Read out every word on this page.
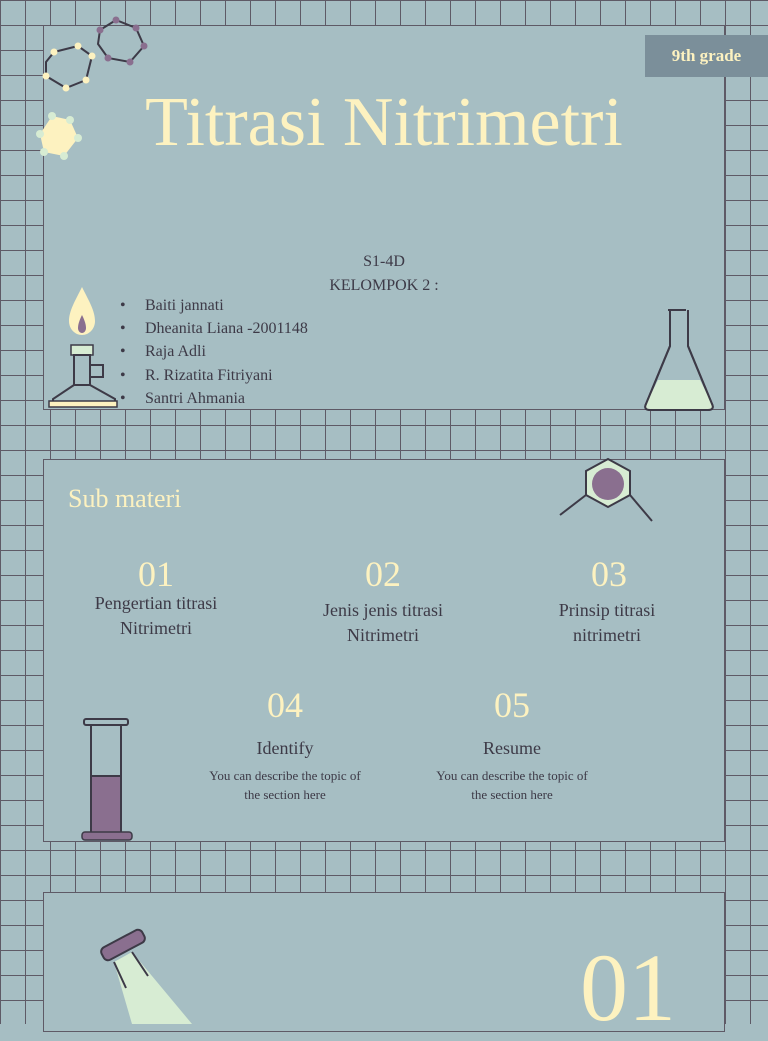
9th grade
Titrasi Nitrimetri
S1-4D
KELOMPOK 2 :
• Baiti jannati
• Dheanita Liana -2001148
• Raja Adli
• R. Rizatita Fitriyani
• Santri Ahmania
Sub materi
01
Pengertian titrasi
Nitrimetri
02
Jenis jenis titrasi
Nitrimetri
03
Prinsip titrasi
nitrimetri
04
Identify
You can describe the topic of
the section here
05
Resume
You can describe the topic of
the section here
01
